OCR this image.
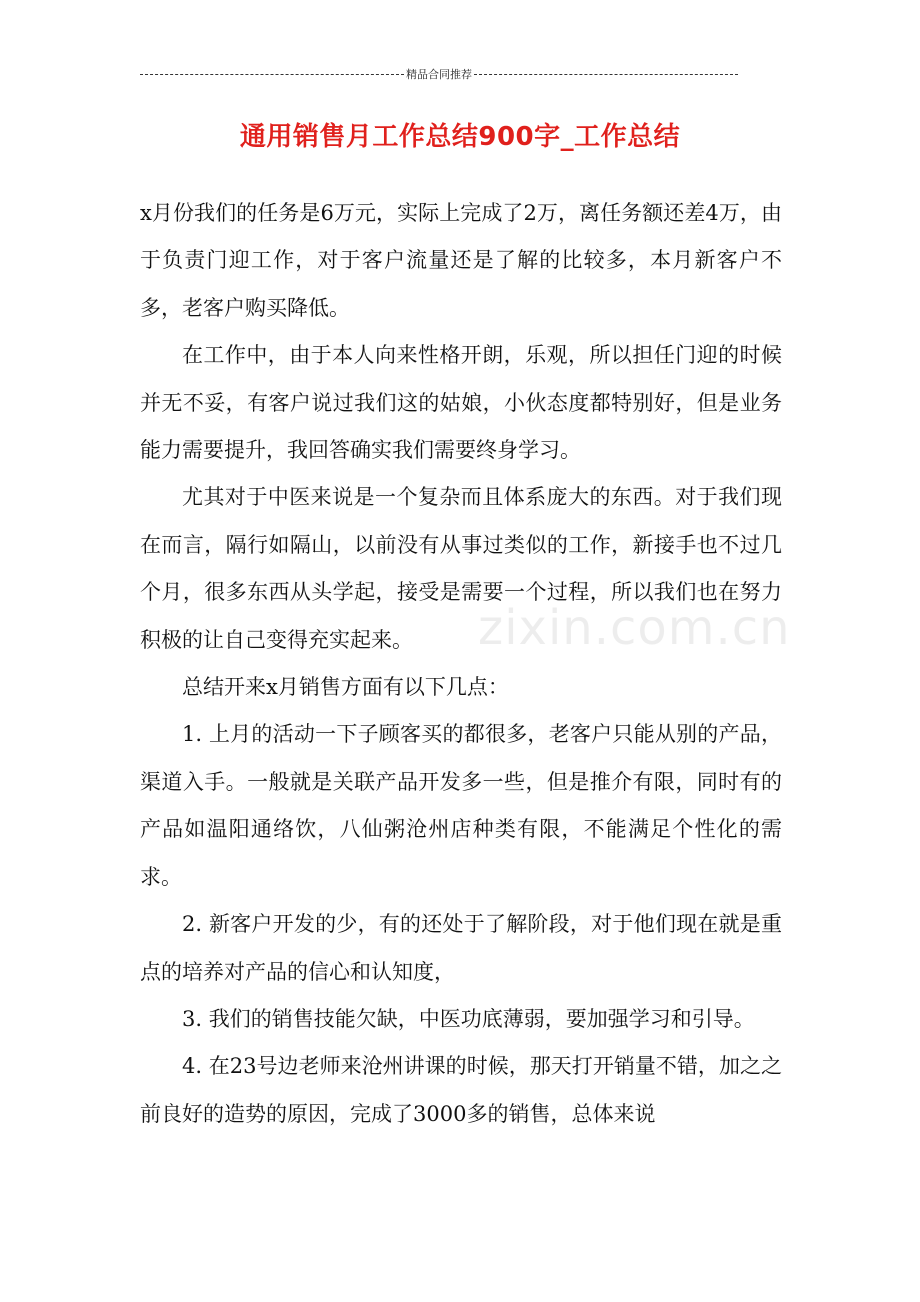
精品合同推荐
通用销售月工作总结900字_工作总结

x月份我们的任务是6万元，实际上完成了2万，离任务额还差4万，由于负责门迎工作，对于客户流量还是了解的比较多，本月新客户不多，老客户购买降低。

在工作中，由于本人向来性格开朗，乐观，所以担任门迎的时候并无不妥，有客户说过我们这的姑娘，小伙态度都特别好，但是业务能力需要提升，我回答确实我们需要终身学习。

尤其对于中医来说是一个复杂而且体系庞大的东西。对于我们现在而言，隔行如隔山，以前没有从事过类似的工作，新接手也不过几个月，很多东西从头学起，接受是需要一个过程，所以我们也在努力积极的让自己变得充实起来。

总结开来x月销售方面有以下几点：

1. 上月的活动一下子顾客买的都很多，老客户只能从别的产品，渠道入手。一般就是关联产品开发多一些，但是推介有限，同时有的产品如温阳通络饮，八仙粥沧州店种类有限，不能满足个性化的需求。

2. 新客户开发的少，有的还处于了解阶段，对于他们现在就是重点的培养对产品的信心和认知度，

3. 我们的销售技能欠缺，中医功底薄弱，要加强学习和引导。

4. 在23号边老师来沧州讲课的时候，那天打开销量不错，加之之前良好的造势的原因，完成了3000多的销售，总体来说

zixin.com.cn
